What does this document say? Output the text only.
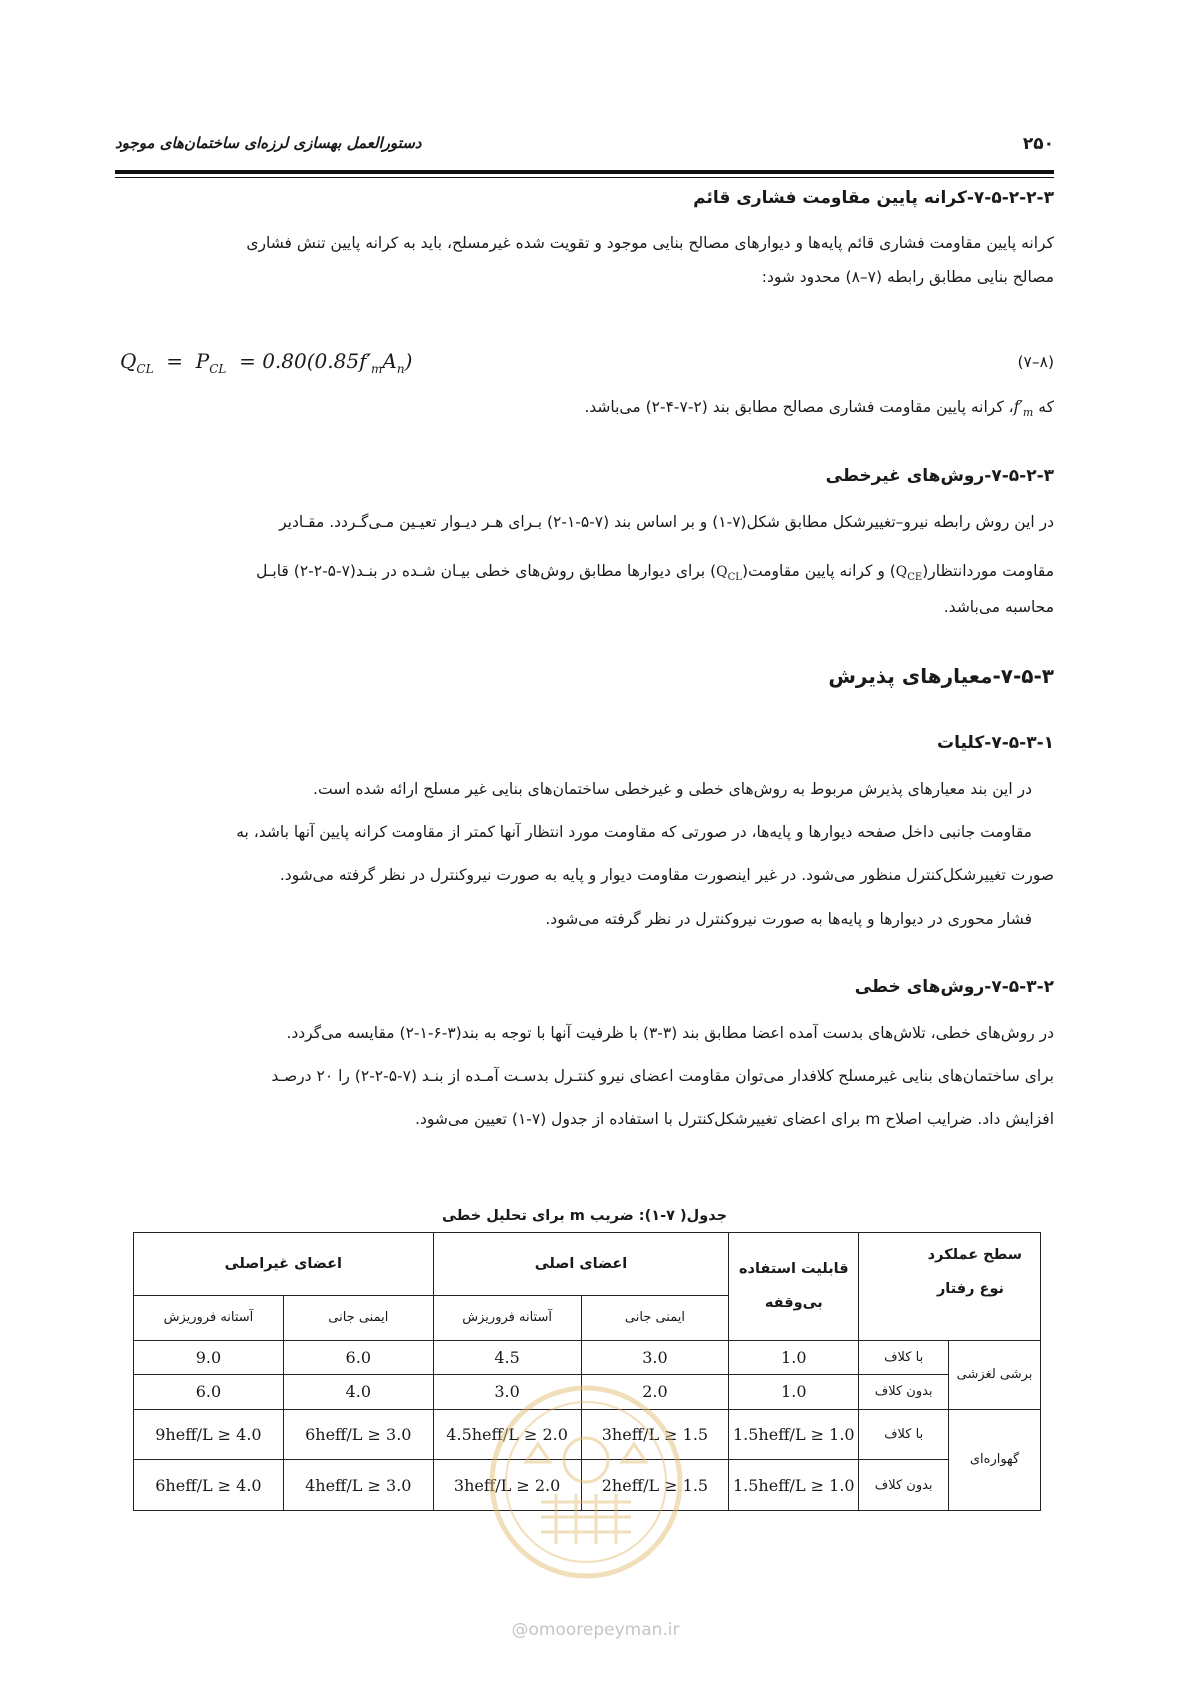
۲۵۰
دستورالعمل بهسازی لرزه‌ای ساختمان‌های موجود
۷-۵-۲-۲-۳-کرانه پایین مقاومت فشاری قائم
کرانه پایین مقاومت فشاری قائم پایه‌ها و دیوارهای مصالح بنایی موجود و تقویت شده غیرمسلح، باید به کرانه پایین تنش فشاری
مصالح بنایی مطابق رابطه (۷–۸) محدود شود:
$Q_{CL} = P_{CL} = 0.80(0.85f'_mA_n)$	(۷–۸)
که $f'_m،$ کرانه پایین مقاومت فشاری مصالح مطابق بند (۲-۷-۴-۲) می‌باشد.
۷-۵-۲-۳-روش‌های غیرخطی
در این روش رابطه نیرو–تغییرشکل مطابق شکل(۷-۱) و بر اساس بند (۷-۵-۱-۲) بـرای هـر دیـوار تعیـین مـی‌گـردد. مقـادیر
مقاومت $موردانتظار(Q_{CE})$ و کرانه پایین $مقاومت(Q_{CL})$ برای دیوارها مطابق روش‌های خطی بیـان شـده در بنـد(۷-۵-۲-۲) قابـل
محاسبه می‌باشد.
۷-۵-۳-معیارهای پذیرش
۷-۵-۳-۱-کلیات
در این بند معیارهای پذیرش مربوط به روش‌های خطی و غیرخطی ساختمان‌های بنایی غیر مسلح ارائه شده است.
مقاومت جانبی داخل صفحه دیوارها و پایه‌ها، در صورتی که مقاومت مورد انتظار آنها کمتر از مقاومت کرانه پایین آنها باشد، به
صورت تغییرشکل‌کنترل منظور می‌شود. در غیر اینصورت مقاومت دیوار و پایه به صورت نیروکنترل در نظر گرفته می‌شود.
فشار محوری در دیوارها و پایه‌ها به صورت نیروکنترل در نظر گرفته می‌شود.
۷-۵-۳-۲-روش‌های خطی
در روش‌های خطی، تلاش‌های بدست آمده اعضا مطابق بند (۳-۳) با ظرفیت آنها با توجه به بند(۳-۶-۱-۲) مقایسه می‌گردد.
برای ساختمان‌های بنایی غیرمسلح کلافدار می‌توان مقاومت اعضای نیرو کنتـرل بدسـت آمـده از بنـد (۷-۵-۲-۲) را ۲۰ درصـد
افزایش داد. ضرایب اصلاح m برای اعضای تغییرشکل‌کنترل با استفاده از جدول (۷-۱) تعیین می‌شود.
جدول( ۷-۱): ضریب m برای تحلیل خطی
سطح عملکرد
نوع رفتار		قابلیت استفاده بی‌وقفه	اعضای اصلی		اعضای غیراصلی	
			ایمنی جانی	آستانه فروریزش	ایمنی جانی	آستانه فروریزش
برشی لغزشی	با کلاف	1.0	3.0	4.5	6.0	9.0
	بدون کلاف	1.0	2.0	3.0	4.0	6.0
گهواره‌ای	با کلاف	1.5heff/L ≥ 1.0	3heff/L ≥ 1.5	4.5heff/L ≥ 2.0	6heff/L ≥ 3.0	9heff/L ≥ 4.0
	بدون کلاف	1.5heff/L ≥ 1.0	2heff/L ≥ 1.5	3heff/L ≥ 2.0	4heff/L ≥ 3.0	6heff/L ≥ 4.0
@omoorepeyman.ir
